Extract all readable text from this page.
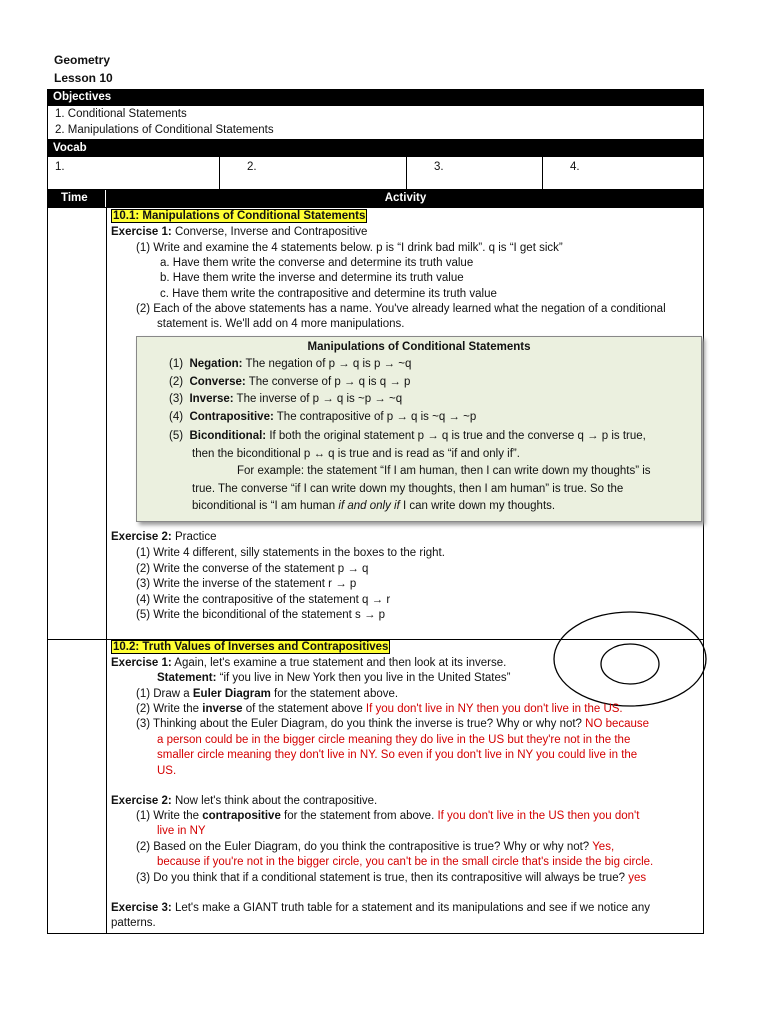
Geometry
Lesson 10
Objectives
1. Conditional Statements
2. Manipulations of Conditional Statements
Vocab
1.	2.	3.	4.
Time	Activity
10.1: Manipulations of Conditional Statements
Exercise 1: Converse, Inverse and Contrapositive
(1) Write and examine the 4 statements below. p is “I drink bad milk”. q is “I get sick”
a. Have them write the converse and determine its truth value
b. Have them write the inverse and determine its truth value
c. Have them write the contrapositive and determine its truth value
(2) Each of the above statements has a name. You've already learned what the negation of a conditional
statement is. We'll add on 4 more manipulations.
Manipulations of Conditional Statements
(1) Negation: The negation of p → q is p → ~q
(2) Converse: The converse of p → q is q → p
(3) Inverse: The inverse of p → q is ~p → ~q
(4) Contrapositive: The contrapositive of p → q is ~q → ~p
(5) Biconditional: If both the original statement p → q is true and the converse q → p is true,
then the biconditional p ↔ q is true and is read as “if and only if”.
For example: the statement “If I am human, then I can write down my thoughts” is
true. The converse “if I can write down my thoughts, then I am human” is true. So the
biconditional is “I am human if and only if I can write down my thoughts.
Exercise 2: Practice
(1) Write 4 different, silly statements in the boxes to the right.
(2) Write the converse of the statement p → q
(3) Write the inverse of the statement r → p
(4) Write the contrapositive of the statement q → r
(5) Write the biconditional of the statement s → p
10.2: Truth Values of Inverses and Contrapositives
Exercise 1: Again, let's examine a true statement and then look at its inverse.
Statement: “if you live in New York then you live in the United States”
(1) Draw a Euler Diagram for the statement above.
(2) Write the inverse of the statement above If you don't live in NY then you don't live in the US.
(3) Thinking about the Euler Diagram, do you think the inverse is true? Why or why not? NO because
a person could be in the bigger circle meaning they do live in the US but they're not in the the
smaller circle meaning they don't live in NY. So even if you don't live in NY you could live in the
US.
Exercise 2: Now let's think about the contrapositive.
(1) Write the contrapositive for the statement from above. If you don't live in the US then you don't
live in NY
(2) Based on the Euler Diagram, do you think the contrapositive is true? Why or why not? Yes,
because if you're not in the bigger circle, you can't be in the small circle that's inside the big circle.
(3) Do you think that if a conditional statement is true, then its contrapositive will always be true? yes
Exercise 3: Let's make a GIANT truth table for a statement and its manipulations and see if we notice any
patterns.
